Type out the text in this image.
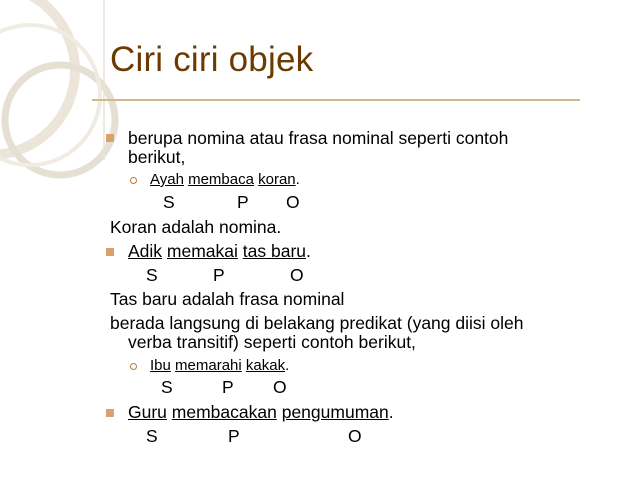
Ciri ciri objek
berupa nomina atau frasa nominal seperti contoh
berikut,
Ayah membaca koran.
S	P O
Koran adalah nomina.
Adik memakai tas baru.
S	P	O
Tas baru adalah frasa nominal
berada langsung di belakang predikat (yang diisi oleh
verba transitif) seperti contoh berikut,
Ibu memarahi kakak.
S	P O
Guru membacakan pengumuman.
S	P	O
